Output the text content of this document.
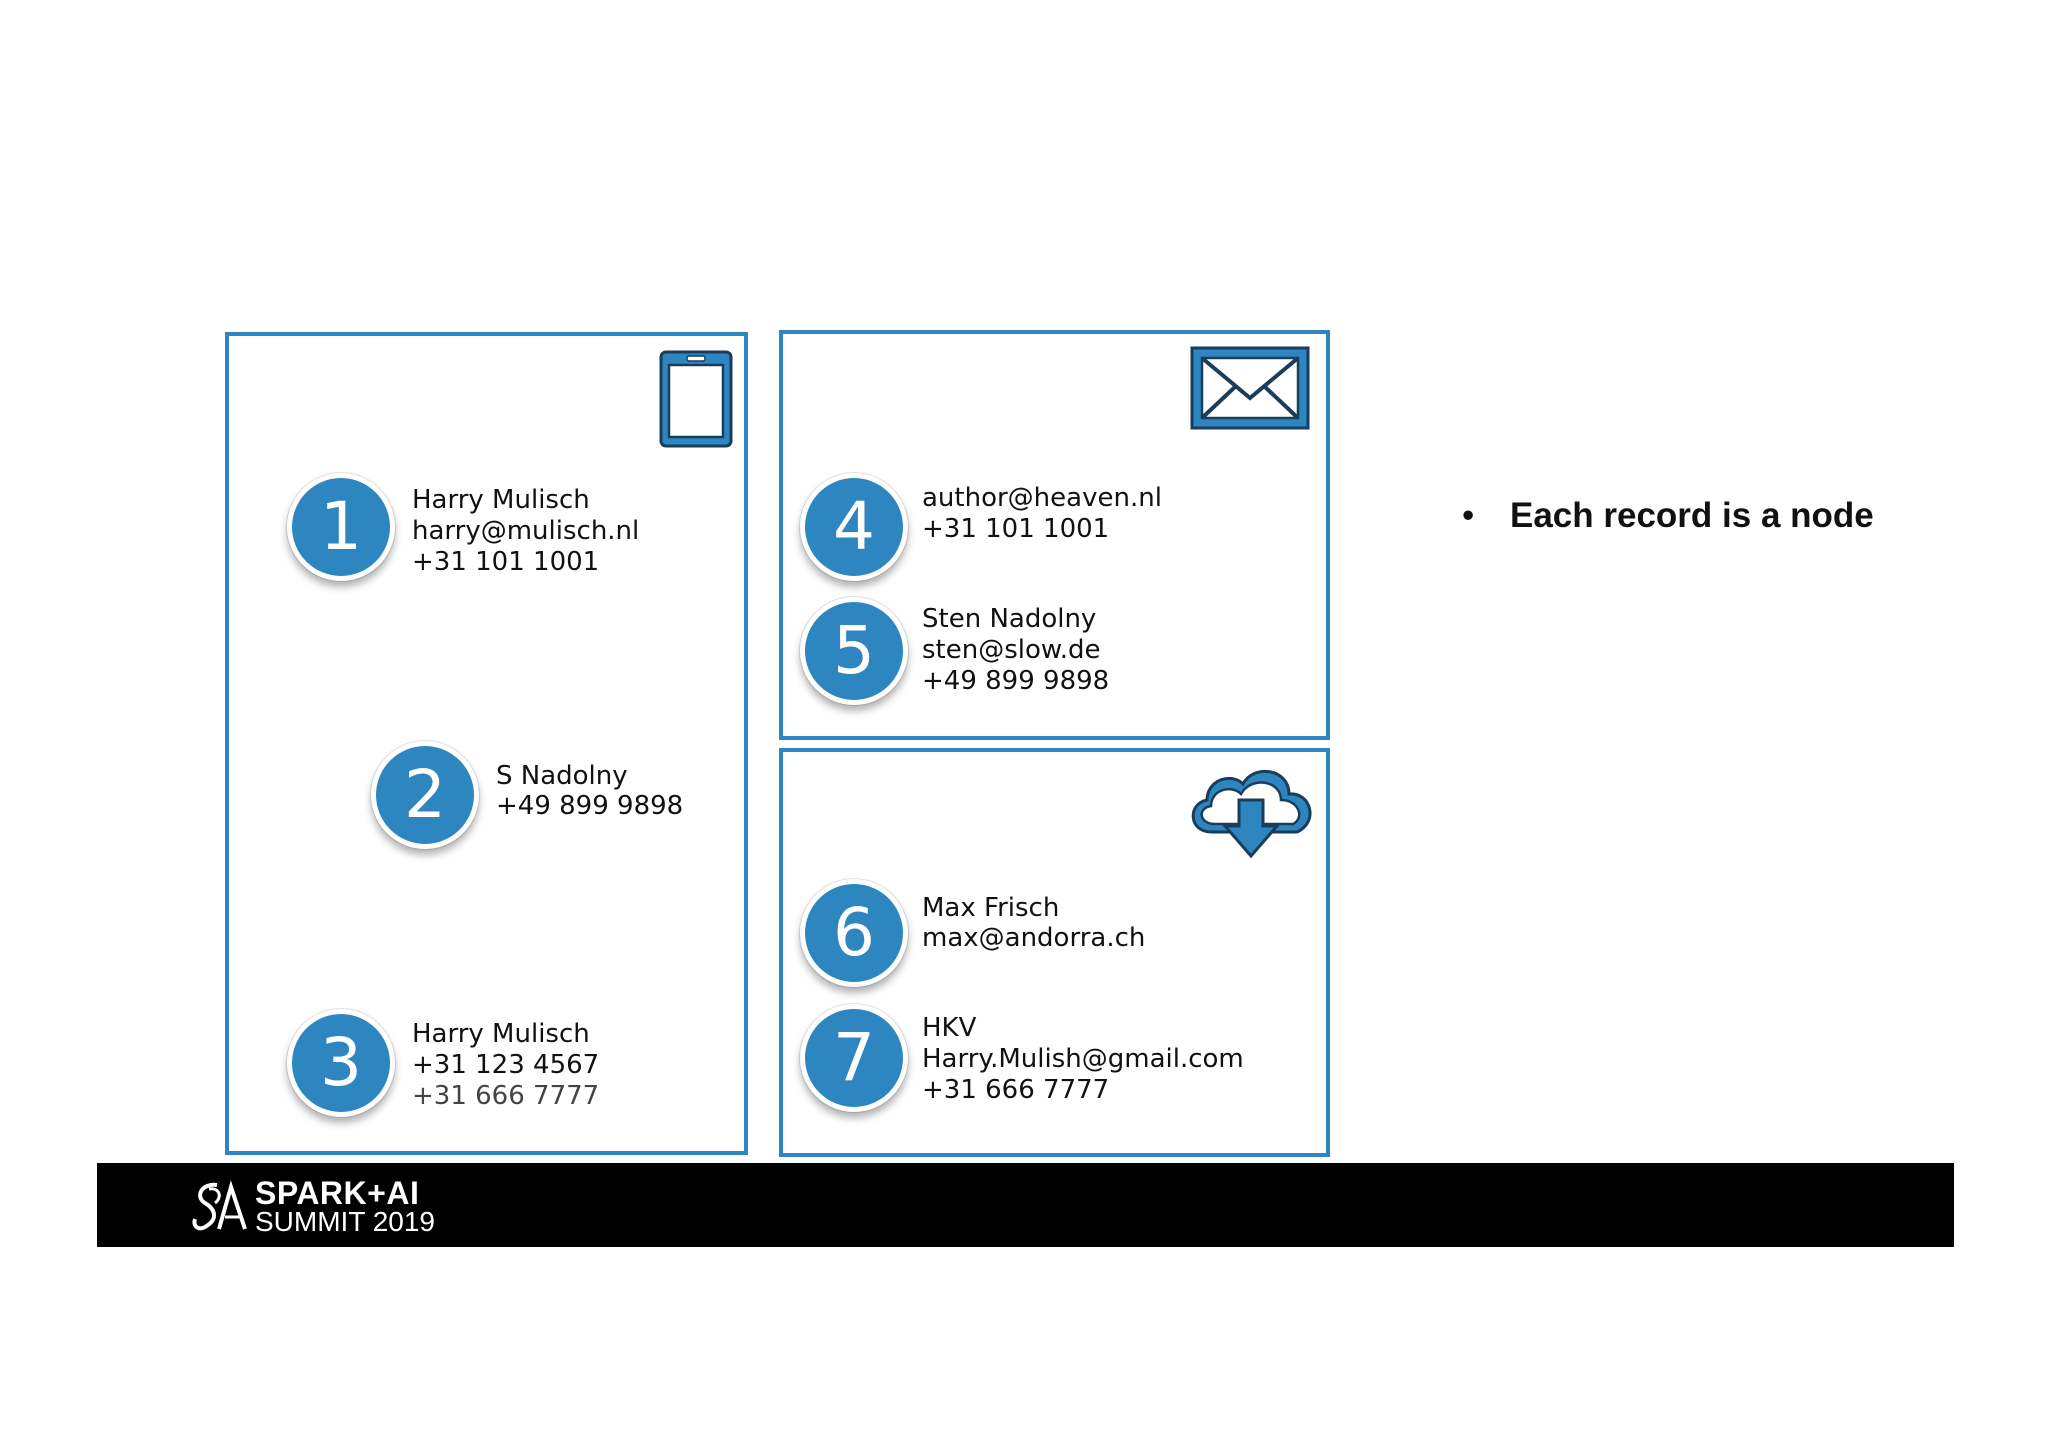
1	Harry Mulisch
harry@mulisch.nl
+31 101 1001
2	S Nadolny
+49 899 9898
3	Harry Mulisch
+31 123 4567
+31 666 7777
4	author@heaven.nl
+31 101 1001
5	Sten Nadolny
sten@slow.de
+49 899 9898
6	Max Frisch
max@andorra.ch
7	HKV
Harry.Mulish@gmail.com
+31 666 7777
• Each record is a node
SPARK+AI
SUMMIT 2019
